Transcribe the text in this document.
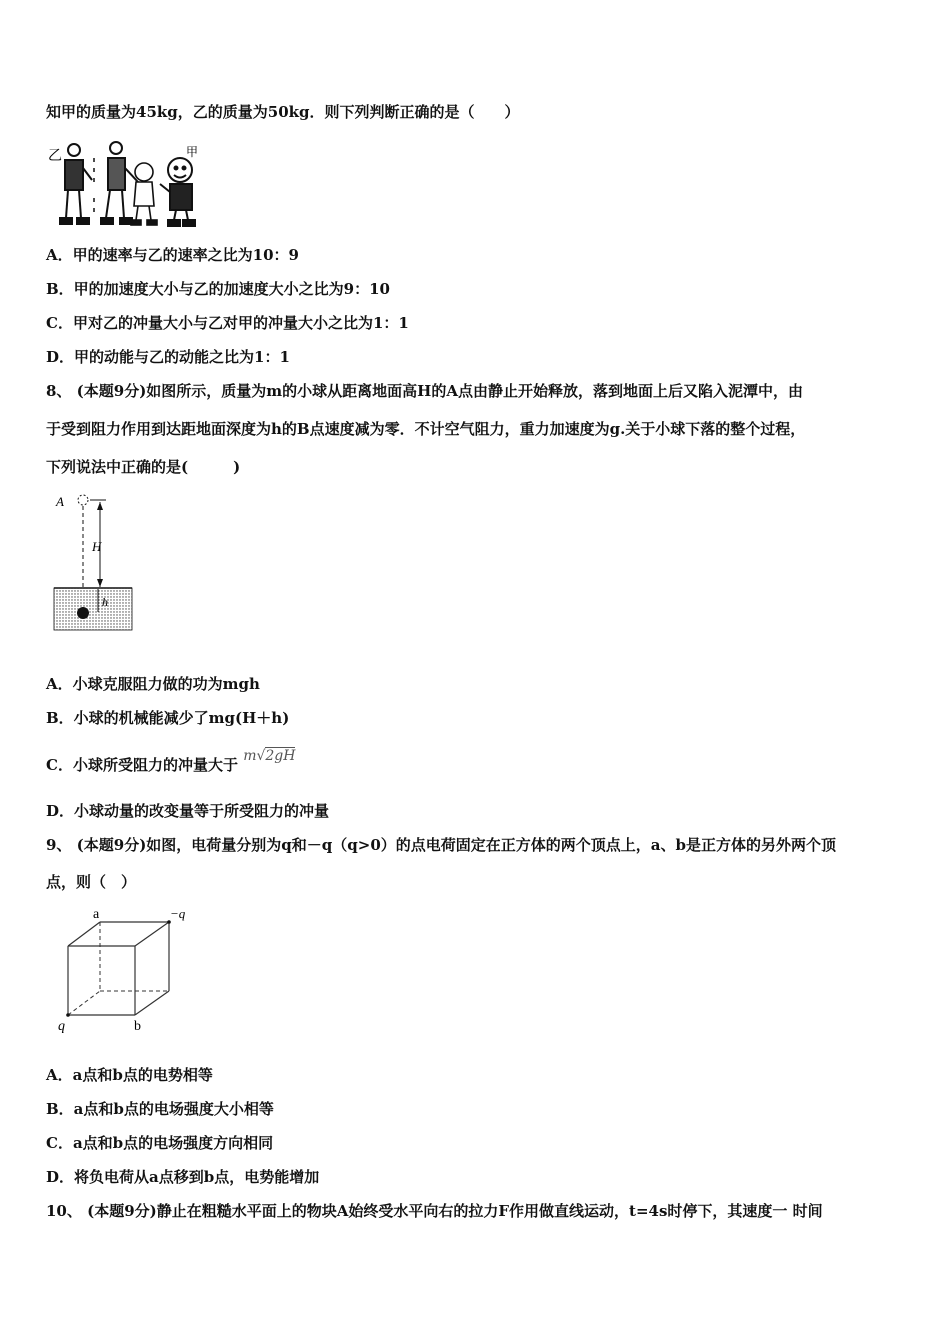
知甲的质量为45kg，乙的质量为50kg．则下列判断正确的是（　　）
乙	甲
A．甲的速率与乙的速率之比为10：9
B．甲的加速度大小与乙的加速度大小之比为9：10
C．甲对乙的冲量大小与乙对甲的冲量大小之比为1：1
D．甲的动能与乙的动能之比为1：1
8、 (本题9分)如图所示，质量为m的小球从距离地面高H的A点由静止开始释放，落到地面上后又陷入泥潭中，由
于受到阻力作用到达距地面深度为h的B点速度减为零．不计空气阻力，重力加速度为g.关于小球下落的整个过程，
下列说法中正确的是(　　　)
A
H
h
A．小球克服阻力做的功为mgh
B．小球的机械能减少了mg(H＋h)
C．小球所受阻力的冲量大于 m√2gH
D．小球动量的改变量等于所受阻力的冲量
9、 (本题9分)如图，电荷量分别为q和－q（q>0）的点电荷固定在正方体的两个顶点上，a、b是正方体的另外两个顶
点，则（　）
a	−q
q	b
A．a点和b点的电势相等
B．a点和b点的电场强度大小相等
C．a点和b点的电场强度方向相同
D．将负电荷从a点移到b点，电势能增加
10、 (本题9分)静止在粗糙水平面上的物块A始终受水平向右的拉力F作用做直线运动，t=4s时停下，其速度一 时间
